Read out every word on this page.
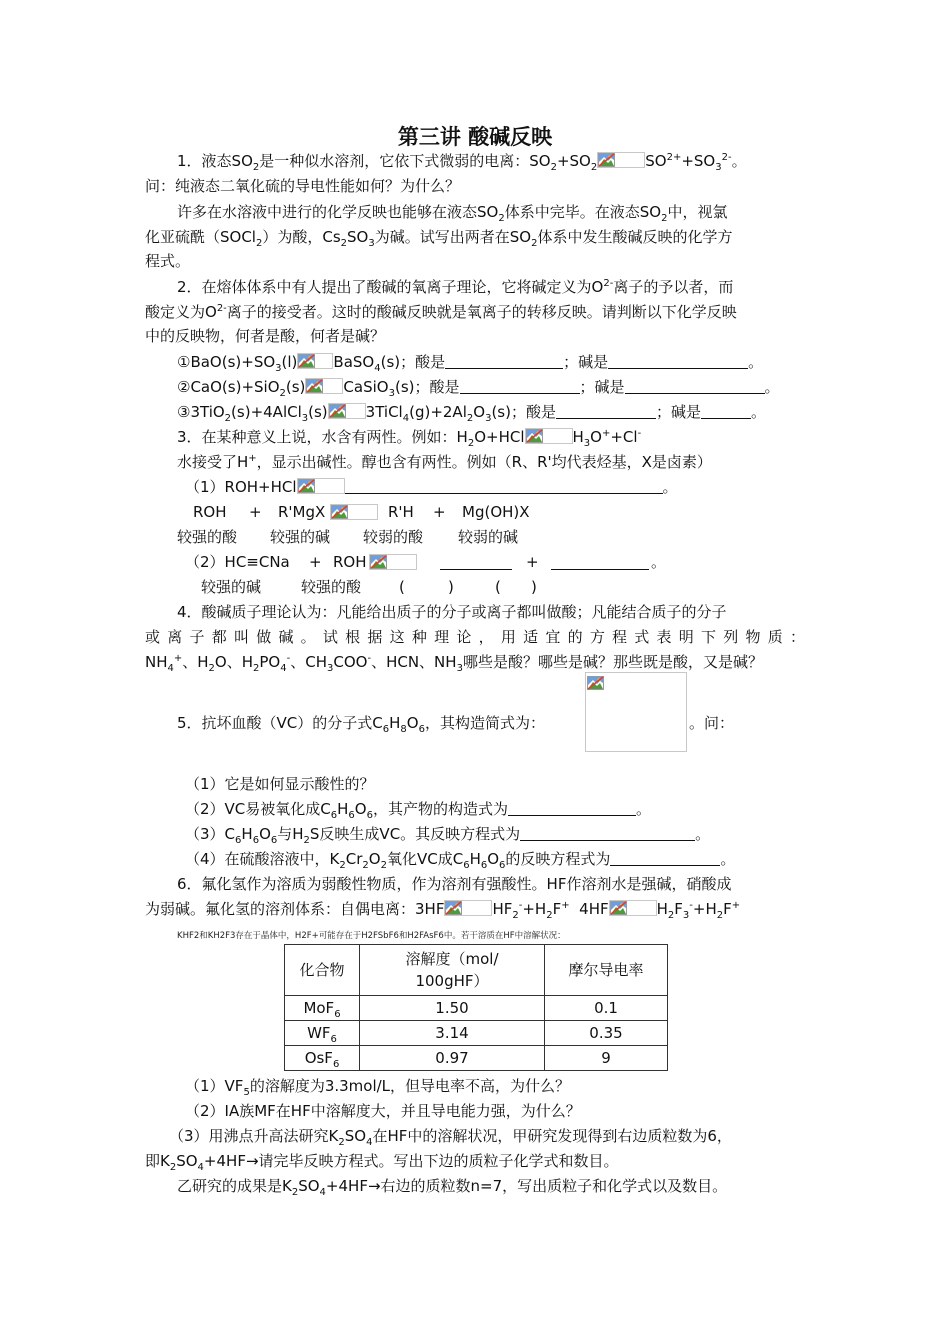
第三讲 酸碱反映
1．液态$SO_2$是一种似水溶剂，它依下式微弱的电离：$SO_2+SO_2$	$SO^{2+}+SO_3^{2-}$。
问：纯液态二氧化硫的导电性能如何？为什么？
许多在水溶液中进行的化学反映也能够在液态$SO_2$体系中完毕。在液态$SO_2$中，视氯
化亚硫酰（SOCl$_2$）为酸，$Cs_2SO_3$为碱。试写出两者在$SO_2$体系中发生酸碱反映的化学方
程式。
2．在熔体体系中有人提出了酸碱的氧离子理论，它将碱定义为$O^{2-}$离子的予以者，而
酸定义为$O^{2-}$离子的接受者。这时的酸碱反映就是氧离子的转移反映。请判断以下化学反映
中的反映物，何者是酸，何者是碱？
$①BaO(s)+SO_3(l)$ BaSO$_4$(s)；酸是	；碱是	。
②CaO(s)+SiO$_2$(s)	CaSiO$_3$(s)；酸是	；碱是	。
③3TiO$_2$(s)+4AlCl$_3$(s)	$3TiCl_4(g)+2Al_2O_3(s)$；酸是	；碱是	。
3．在某种意义上说，水含有两性。例如：$H_2O+HCl$	$H_3O^++Cl^-$
水接受了H+，显示出碱性。醇也含有两性。例如（R、R'均代表烃基，X是卤素）
（1）ROH+HCl	。
ROH + R'MgX	R'H + Mg(OH)X
较强的酸 较强的碱 较弱的酸 较弱的碱
（2）HC≡CNa + ROH	+	。
较强的碱	较强的酸	(	)	( )
4．酸碱质子理论认为：凡能给出质子的分子或离子都叫做酸；凡能结合质子的分子
或离子都叫做碱。试根据这种理论，用适宜的方程式表明下列物质：
$NH_4^+$、$H_2O$、$H_2PO_4^-$、$CH_3COO^-$、HCN、$NH_3$哪些是酸？哪些是碱？那些既是酸，又是碱？
5．抗坏血酸（VC）的分子式$C_6H_8O_6$，其构造简式为：	。问：
（1）它是如何显示酸性的？
（2）VC易被氧化成$C_6H_6O_6$，其产物的构造式为	。
$(3)C_6H_6O_6$与$H_2S$反映生成VC。其反映方程式为	。
（4）在硫酸溶液中，$K_2Cr_2O_2$氧化VC成$C_6H_6O_6$的反映方程式为	。
6．氟化氢作为溶质为弱酸性物质，作为溶剂有强酸性。HF作溶剂水是强碱，硝酸成
为弱碱。氟化氢的溶剂体系：自偶电离：3HF	$HF_2^-+H_2F^+$ 4HF	$H_2F_3^-+H_2F^+$
KHF2和KH2F3存在于晶体中，H2F+可能存在于H2FSbF6和H2FAsF6中。若干溶质在HF中溶解状况：
化合物	溶解度（mol/
100gHF）	摩尔导电率
MoF$_6$	1.50	0.1
$WF_6$	3.14	0.35
OsF$_6$	0.97	9
$(1)VF_5$的溶解度为3.3mol/L，但导电率不高，为什么？
（2）IA族MF在HF中溶解度大，并且导电能力强，为什么？
（3）用沸点升高法研究$K_2SO_4$在HF中的溶解状况，甲研究发现得到右边质粒数为6，
即$K_2SO_4+4HF\to$请完毕反映方程式。写出下边的质粒子化学式和数目。
乙研究的成果是$K_2SO_4+4HF\to$右边的质粒数n=7，写出质粒子和化学式以及数目。
